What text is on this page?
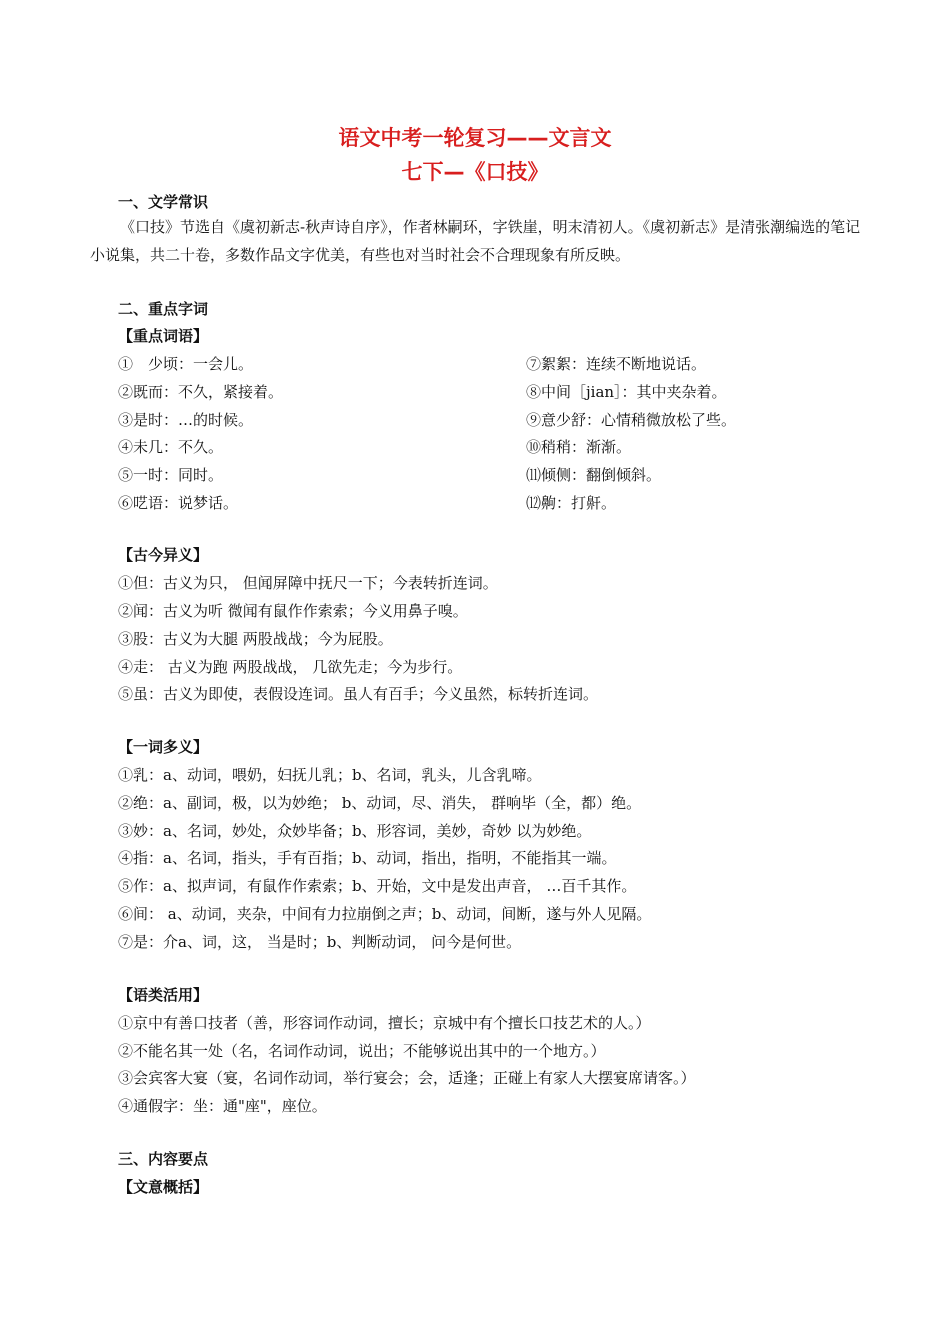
语文中考一轮复习——文言文
七下—《口技》
一、文学常识
《口技》节选自《虞初新志-秋声诗自序》，作者林嗣环，字铁崖，明末清初人。《虞初新志》是清张潮编选的笔记小说集，共二十卷，多数作品文字优美，有些也对当时社会不合理现象有所反映。
二、重点字词
【重点词语】
①　少顷：一会儿。
②既而：不久，紧接着。
③是时：…的时候。
④未几：不久。
⑤一时：同时。
⑥呓语：说梦话。
⑦絮絮：连续不断地说话。
⑧中间［jian］：其中夹杂着。
⑨意少舒：心情稍微放松了些。
⑩稍稍：渐渐。
⑾倾侧：翻倒倾斜。
⑿齁：打鼾。
【古今异义】
①但：古义为只， 但闻屏障中抚尺一下；今表转折连词。
②闻：古义为听 微闻有鼠作作索索；今义用鼻子嗅。
③股：古义为大腿 两股战战；今为屁股。
④走： 古义为跑 两股战战， 几欲先走；今为步行。
⑤虽：古义为即使，表假设连词。虽人有百手；今义虽然，标转折连词。
【一词多义】
①乳：a、动词，喂奶，妇抚儿乳；b、名词，乳头，儿含乳啼。
②绝：a、副词，极，以为妙绝； b、动词，尽、消失， 群响毕（全，都）绝。
③妙：a、名词，妙处，众妙毕备；b、形容词，美妙，奇妙 以为妙绝。
④指：a、名词，指头，手有百指；b、动词，指出，指明，不能指其一端。
⑤作：a、拟声词，有鼠作作索索；b、开始，文中是发出声音， …百千其作。
⑥间： a、动词，夹杂，中间有力拉崩倒之声；b、动词，间断，遂与外人见隔。
⑦是：介a、词，这， 当是时；b、判断动词， 问今是何世。
【语类活用】
①京中有善口技者（善，形容词作动词，擅长；京城中有个擅长口技艺术的人。）
②不能名其一处（名，名词作动词，说出；不能够说出其中的一个地方。）
③会宾客大宴（宴，名词作动词，举行宴会；会，适逢；正碰上有家人大摆宴席请客。）
④通假字：坐：通"座"，座位。
三、内容要点
【文意概括】
